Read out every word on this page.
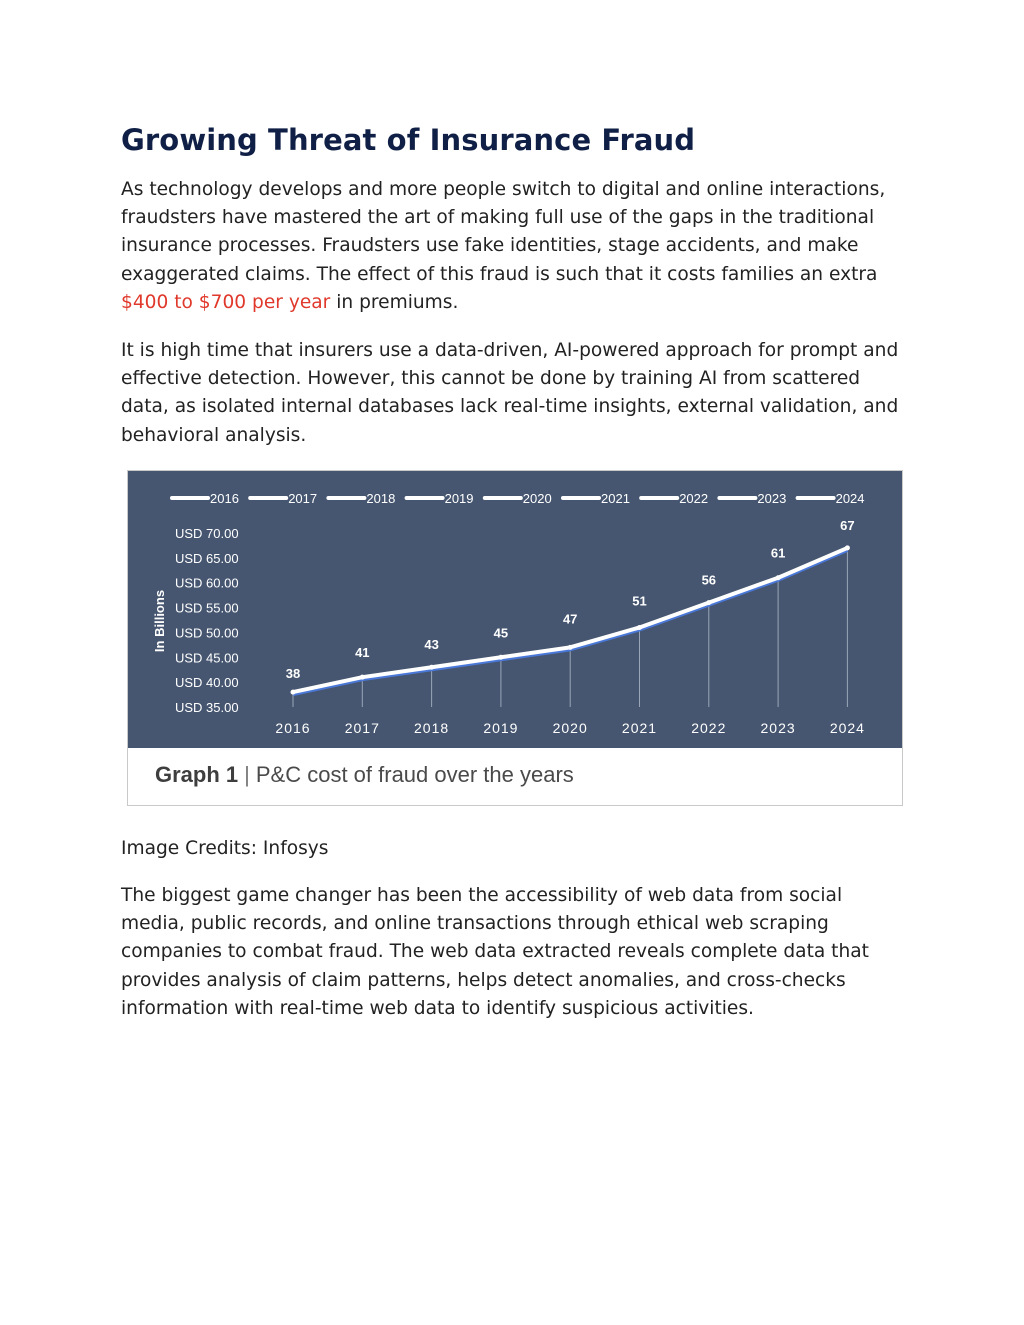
Growing Threat of Insurance Fraud

As technology develops and more people switch to digital and online interactions, fraudsters have mastered the art of making full use of the gaps in the traditional insurance processes. Fraudsters use fake identities, stage accidents, and make exaggerated claims. The effect of this fraud is such that it costs families an extra $400 to $700 per year in premiums.

It is high time that insurers use a data-driven, AI-powered approach for prompt and effective detection. However, this cannot be done by training AI from scattered data, as isolated internal databases lack real-time insights, external validation, and behavioral analysis.

2016	2017	2018	2019	2020	2021	2022	2023	2024
USD 35.00
USD 40.00
USD 45.00
USD 50.00
USD 55.00
USD 60.00
USD 65.00
USD 70.00
In Billions
38
41
43
45
47
51
56
61
67
2016 2017 2018 2019 2020 2021 2022 2023 2024
Graph 1 | P&C cost of fraud over the years
Image Credits: Infosys

The biggest game changer has been the accessibility of web data from social media, public records, and online transactions through ethical web scraping companies to combat fraud. The web data extracted reveals complete data that provides analysis of claim patterns, helps detect anomalies, and cross-checks information with real-time web data to identify suspicious activities.
